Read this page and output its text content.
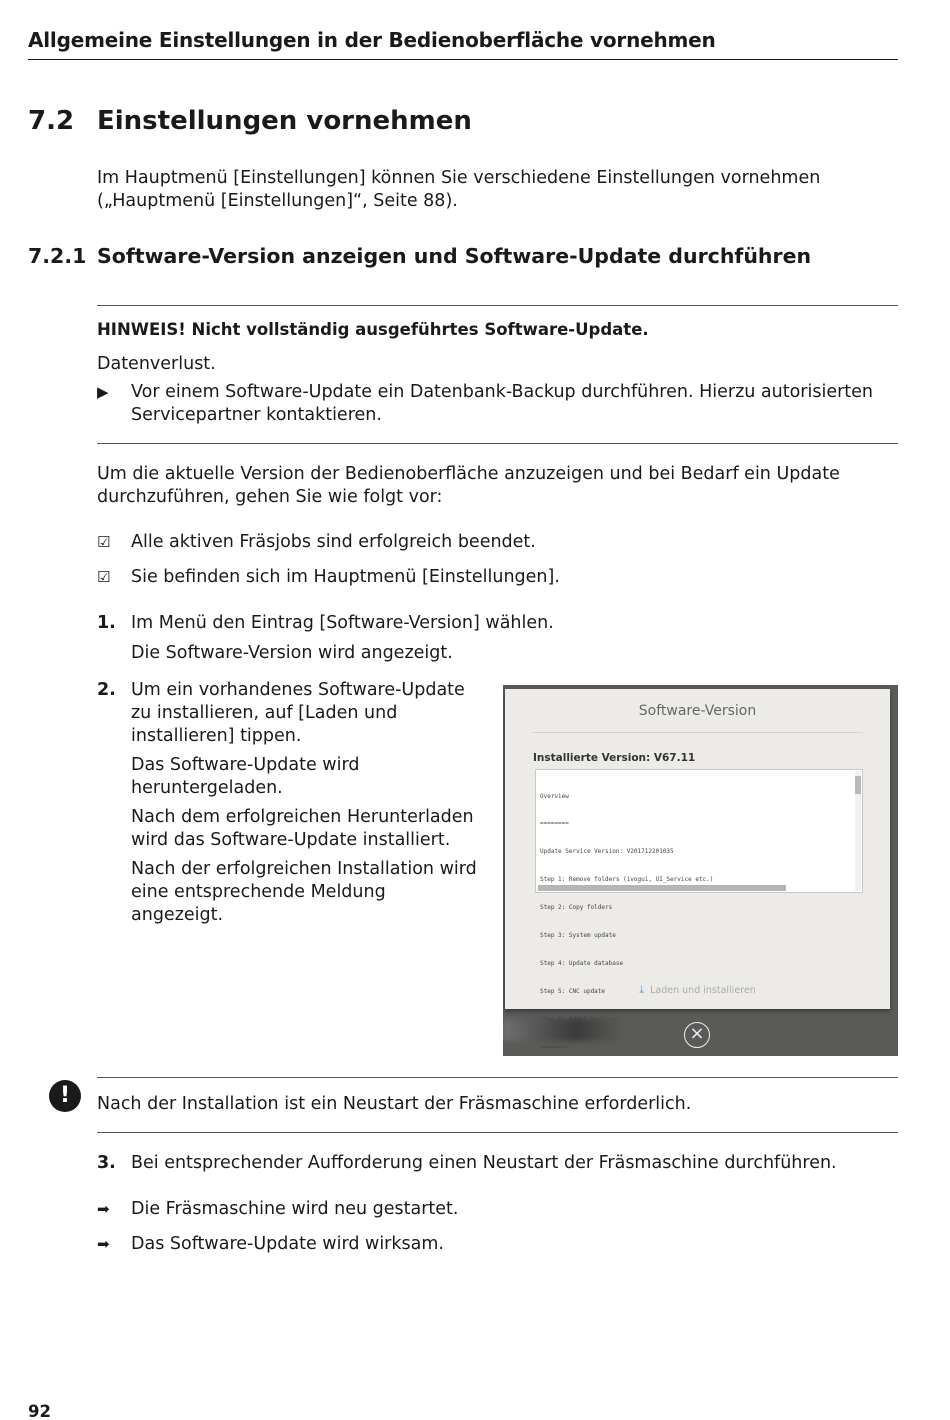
Allgemeine Einstellungen in der Bedienoberfläche vornehmen
7.2 Einstellungen vornehmen
Im Hauptmenü [Einstellungen] können Sie verschiedene Einstellungen vornehmen
(„Hauptmenü [Einstellungen]“, Seite 88).
7.2.1 Software-Version anzeigen und Software-Update durchführen
HINWEIS! Nicht vollständig ausgeführtes Software-Update.
Datenverlust.
▶	Vor einem Software-Update ein Datenbank-Backup durchführen. Hierzu autorisierten
Servicepartner kontaktieren.
Um die aktuelle Version der Bedienoberfläche anzuzeigen und bei Bedarf ein Update
durchzuführen, gehen Sie wie folgt vor:
☑	Alle aktiven Fräsjobs sind erfolgreich beendet.
☑	Sie befinden sich im Hauptmenü [Einstellungen].
1. Im Menü den Eintrag [Software-Version] wählen.
Die Software-Version wird angezeigt.
2. Um ein vorhandenes Software-Update
zu installieren, auf [Laden und
installieren] tippen.
Das Software-Update wird
heruntergeladen.
Nach dem erfolgreichen Herunterladen
wird das Software-Update installiert.
Nach der erfolgreichen Installation wird
eine entsprechende Meldung
angezeigt.
Software-Version
Installierte Version: V67.11

Overview

========

Update Service Version: V201712201035

Step 1: Remove folders (ivogui, UI_Service etc.)

Step 2: Copy folders

Step 3: System update

Step 4: Update database

Step 5: CNC update

========

⤓ Laden und installieren
×
!	Nach der Installation ist ein Neustart der Fräsmaschine erforderlich.
3. Bei entsprechender Aufforderung einen Neustart der Fräsmaschine durchführen.
➡	Die Fräsmaschine wird neu gestartet.
➡	Das Software-Update wird wirksam.
92
